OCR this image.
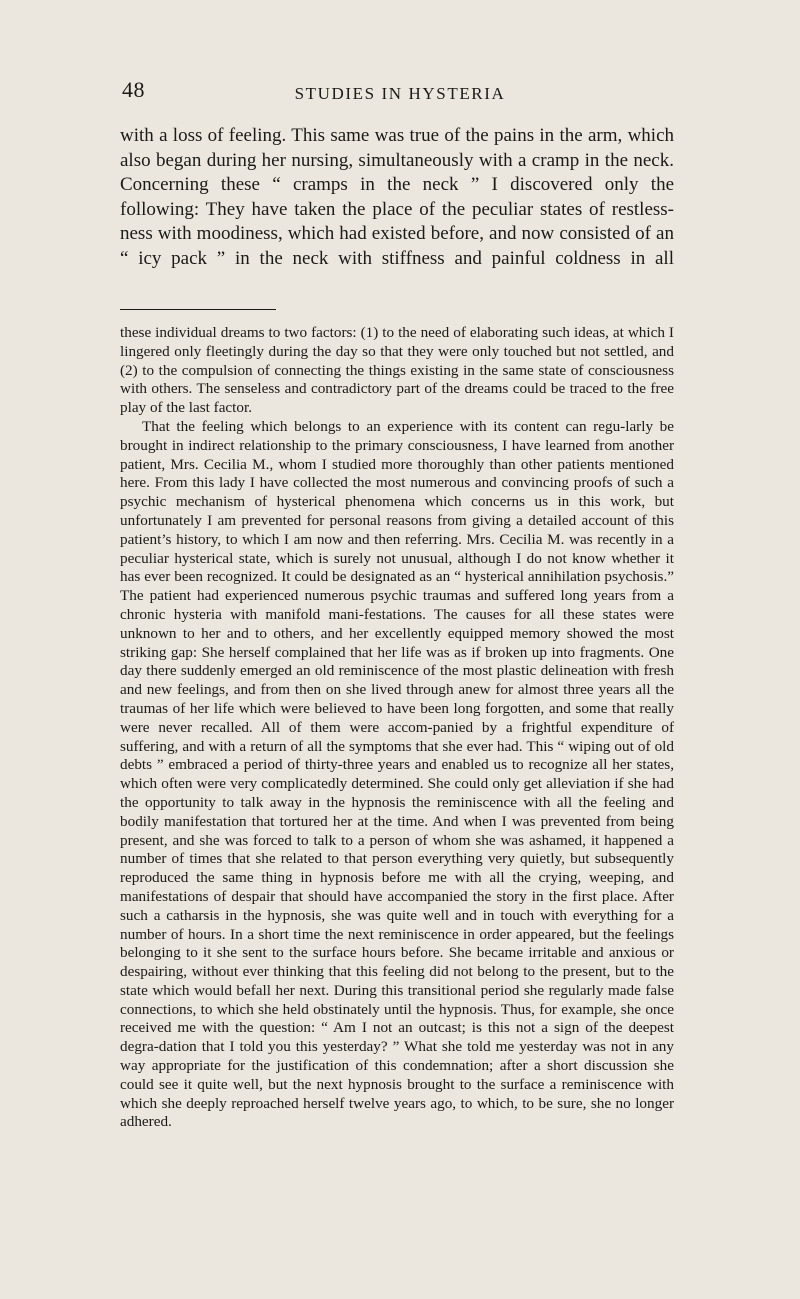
48	STUDIES IN HYSTERIA

with a loss of feeling. This same was true of the pains in the arm, which also began during her nursing, simultaneously with a cramp in the neck. Concerning these “ cramps in the neck ” I discovered only the following: They have taken the place of the peculiar states of restless-ness with moodiness, which had existed before, and now consisted of an “ icy pack ” in the neck with stiffness and painful coldness in all

these individual dreams to two factors: (1) to the need of elaborating such ideas, at which I lingered only fleetingly during the day so that they were only touched but not settled, and (2) to the compulsion of connecting the things existing in the same state of consciousness with others. The senseless and contradictory part of the dreams could be traced to the free play of the last factor.

That the feeling which belongs to an experience with its content can regu-larly be brought in indirect relationship to the primary consciousness, I have learned from another patient, Mrs. Cecilia M., whom I studied more thoroughly than other patients mentioned here. From this lady I have collected the most numerous and convincing proofs of such a psychic mechanism of hysterical phenomena which concerns us in this work, but unfortunately I am prevented for personal reasons from giving a detailed account of this patient’s history, to which I am now and then referring. Mrs. Cecilia M. was recently in a peculiar hysterical state, which is surely not unusual, although I do not know whether it has ever been recognized. It could be designated as an “ hysterical annihilation psychosis.” The patient had experienced numerous psychic traumas and suffered long years from a chronic hysteria with manifold mani-festations. The causes for all these states were unknown to her and to others, and her excellently equipped memory showed the most striking gap: She herself complained that her life was as if broken up into fragments. One day there suddenly emerged an old reminiscence of the most plastic delineation with fresh and new feelings, and from then on she lived through anew for almost three years all the traumas of her life which were believed to have been long forgotten, and some that really were never recalled. All of them were accom-panied by a frightful expenditure of suffering, and with a return of all the symptoms that she ever had. This “ wiping out of old debts ” embraced a period of thirty-three years and enabled us to recognize all her states, which often were very complicatedly determined. She could only get alleviation if she had the opportunity to talk away in the hypnosis the reminiscence with all the feeling and bodily manifestation that tortured her at the time. And when I was prevented from being present, and she was forced to talk to a person of whom she was ashamed, it happened a number of times that she related to that person everything very quietly, but subsequently reproduced the same thing in hypnosis before me with all the crying, weeping, and manifestations of despair that should have accompanied the story in the first place. After such a catharsis in the hypnosis, she was quite well and in touch with everything for a number of hours. In a short time the next reminiscence in order appeared, but the feelings belonging to it she sent to the surface hours before. She became irritable and anxious or despairing, without ever thinking that this feeling did not belong to the present, but to the state which would befall her next. During this transitional period she regularly made false connections, to which she held obstinately until the hypnosis. Thus, for example, she once received me with the question: “ Am I not an outcast; is this not a sign of the deepest degra-dation that I told you this yesterday? ” What she told me yesterday was not in any way appropriate for the justification of this condemnation; after a short discussion she could see it quite well, but the next hypnosis brought to the surface a reminiscence with which she deeply reproached herself twelve years ago, to which, to be sure, she no longer adhered.
